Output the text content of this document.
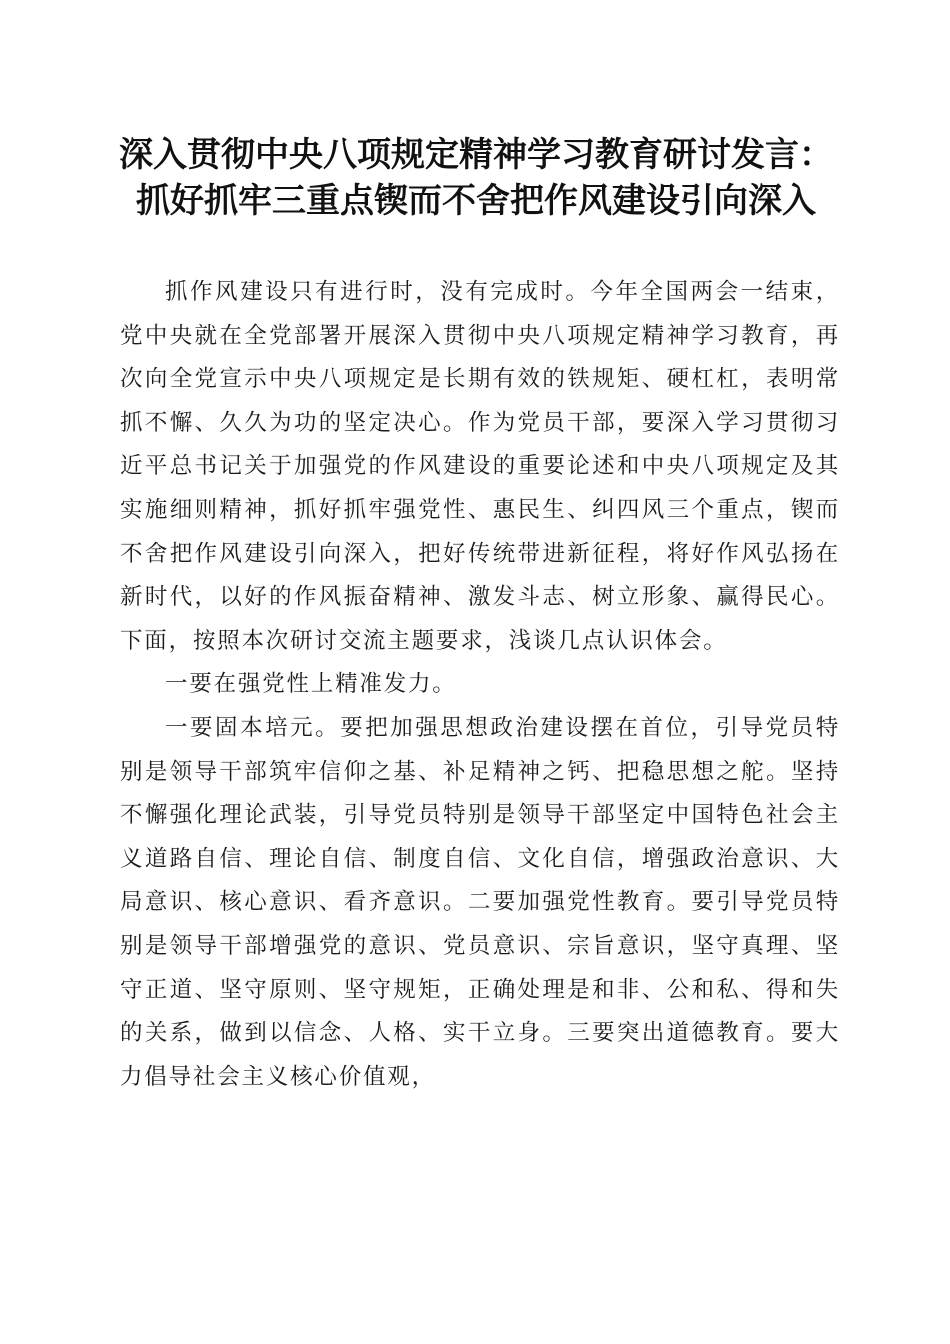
深入贯彻中央八项规定精神学习教育研讨发言：
抓好抓牢三重点锲而不舍把作风建设引向深入

抓作风建设只有进行时，没有完成时。今年全国两会一结束，党中央就在全党部署开展深入贯彻中央八项规定精神学习教育，再次向全党宣示中央八项规定是长期有效的铁规矩、硬杠杠，表明常抓不懈、久久为功的坚定决心。作为党员干部，要深入学习贯彻习近平总书记关于加强党的作风建设的重要论述和中央八项规定及其实施细则精神，抓好抓牢强党性、惠民生、纠四风三个重点，锲而不舍把作风建设引向深入，把好传统带进新征程，将好作风弘扬在新时代，以好的作风振奋精神、激发斗志、树立形象、赢得民心。下面，按照本次研讨交流主题要求，浅谈几点认识体会。

一要在强党性上精准发力。

一要固本培元。要把加强思想政治建设摆在首位，引导党员特别是领导干部筑牢信仰之基、补足精神之钙、把稳思想之舵。坚持不懈强化理论武装，引导党员特别是领导干部坚定中国特色社会主义道路自信、理论自信、制度自信、文化自信，增强政治意识、大局意识、核心意识、看齐意识。二要加强党性教育。要引导党员特别是领导干部增强党的意识、党员意识、宗旨意识，坚守真理、坚守正道、坚守原则、坚守规矩，正确处理是和非、公和私、得和失的关系，做到以信念、人格、实干立身。三要突出道德教育。要大力倡导社会主义核心价值观，
